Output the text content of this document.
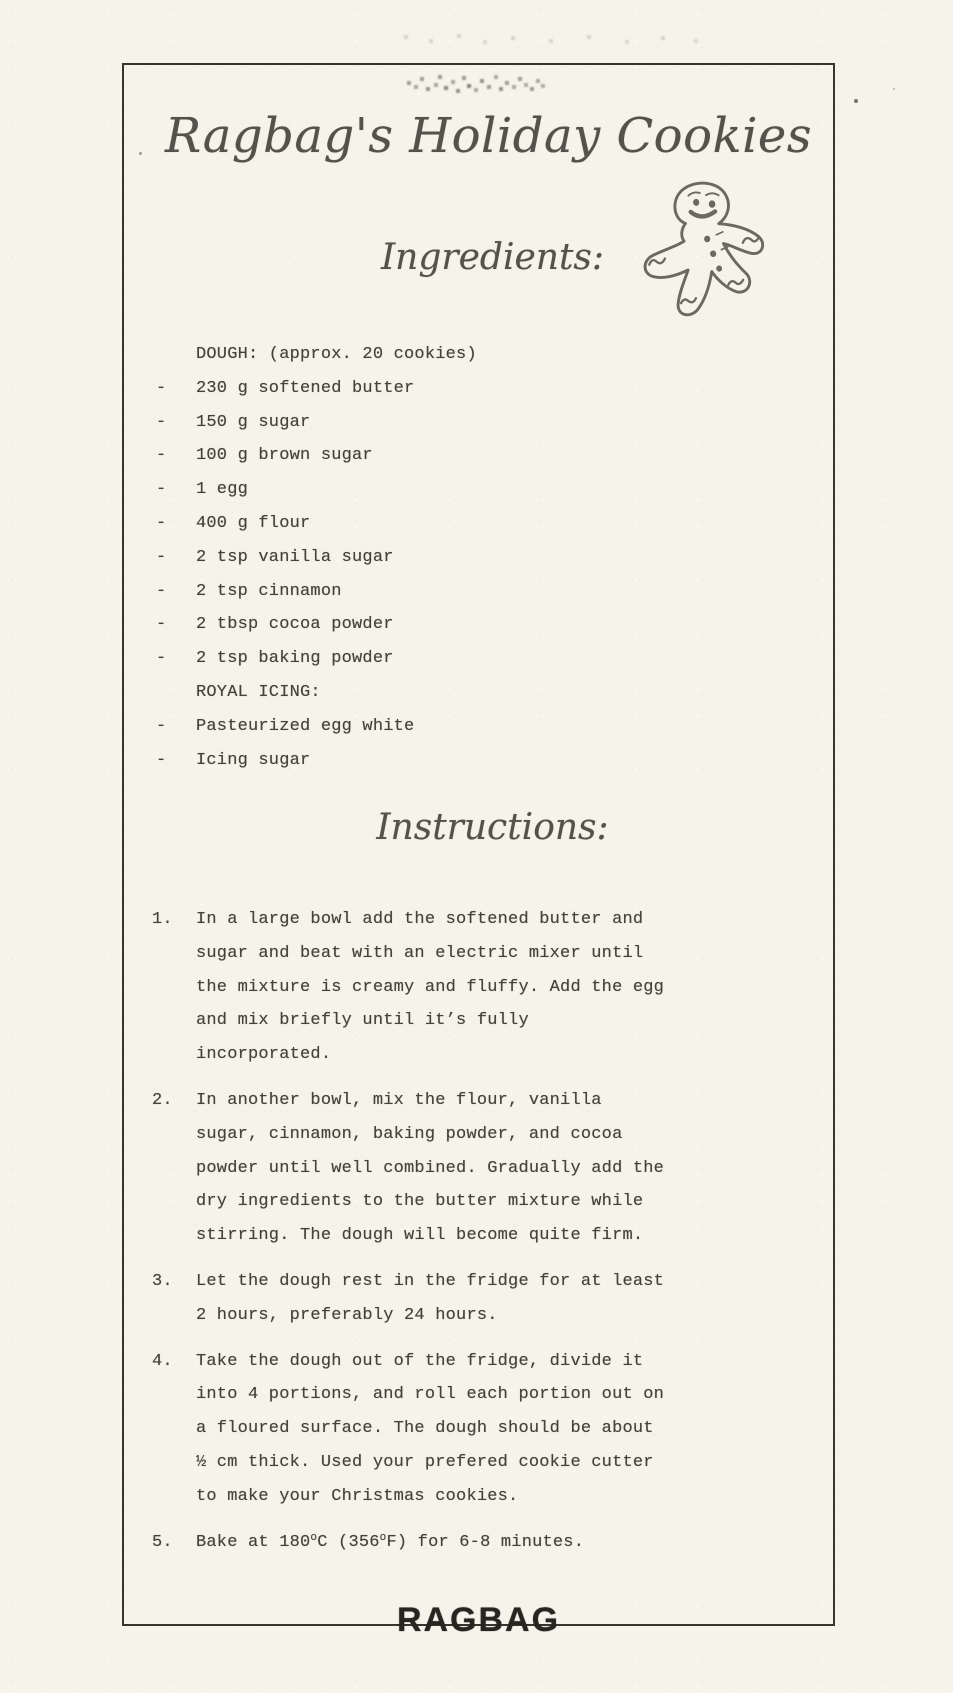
Ragbag's Holiday Cookies
Ingredients:
DOUGH: (approx. 20 cookies)
-	230 g softened butter
-	150 g sugar
-	100 g brown sugar
-	1 egg
-	400 g flour
-	2 tsp vanilla sugar
-	2 tsp cinnamon
-	2 tbsp cocoa powder
-	2 tsp baking powder
ROYAL ICING:
-	Pasteurized egg white
-	Icing sugar
Instructions:
1.	In a large bowl add the softened butter and
sugar and beat with an electric mixer until
the mixture is creamy and fluffy. Add the egg
and mix briefly until it’s fully
incorporated.
2.	In another bowl, mix the flour, vanilla
sugar, cinnamon, baking powder, and cocoa
powder until well combined. Gradually add the
dry ingredients to the butter mixture while
stirring. The dough will become quite firm.
3.	Let the dough rest in the fridge for at least
2 hours, preferably 24 hours.
4.	Take the dough out of the fridge, divide it
into 4 portions, and roll each portion out on
a floured surface. The dough should be about
½ cm thick. Used your prefered cookie cutter
to make your Christmas cookies.
5.	Bake at 180$^o$C (356$^o$F) for 6-8 minutes.
RAGBAG
